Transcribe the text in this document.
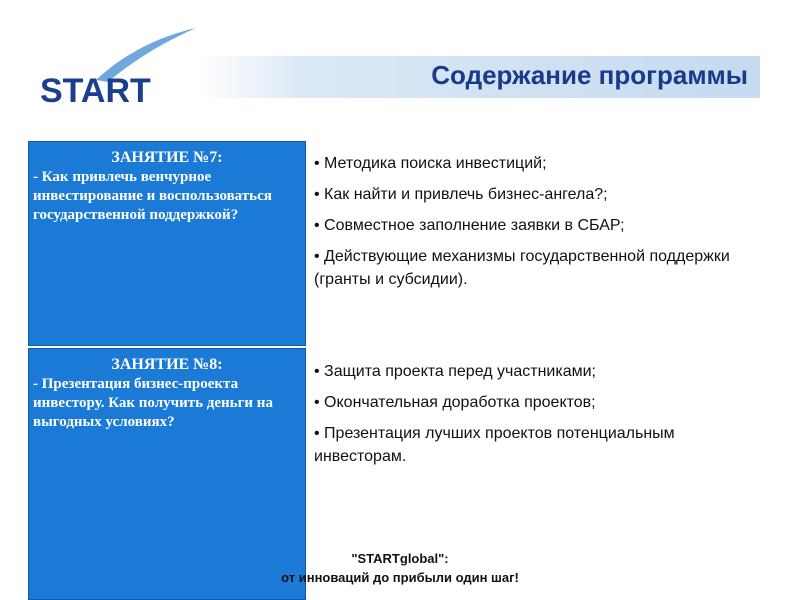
START	Содержание программы
ЗАНЯТИЕ №7:
- Как привлечь венчурное инвестирование и воспользоваться государственной поддержкой?
• Методика поиска инвестиций;
• Как найти и привлечь бизнес-ангела?;
• Совместное заполнение заявки в СБАР;
• Действующие механизмы государственной поддержки (гранты и субсидии).
ЗАНЯТИЕ №8:
- Презентация бизнес-проекта инвестору. Как получить деньги на выгодных условиях?
• Защита проекта перед участниками;
• Окончательная доработка проектов;
• Презентация лучших проектов потенциальным инвесторам.
"STARTglobal":
от инноваций до прибыли один шаг!
